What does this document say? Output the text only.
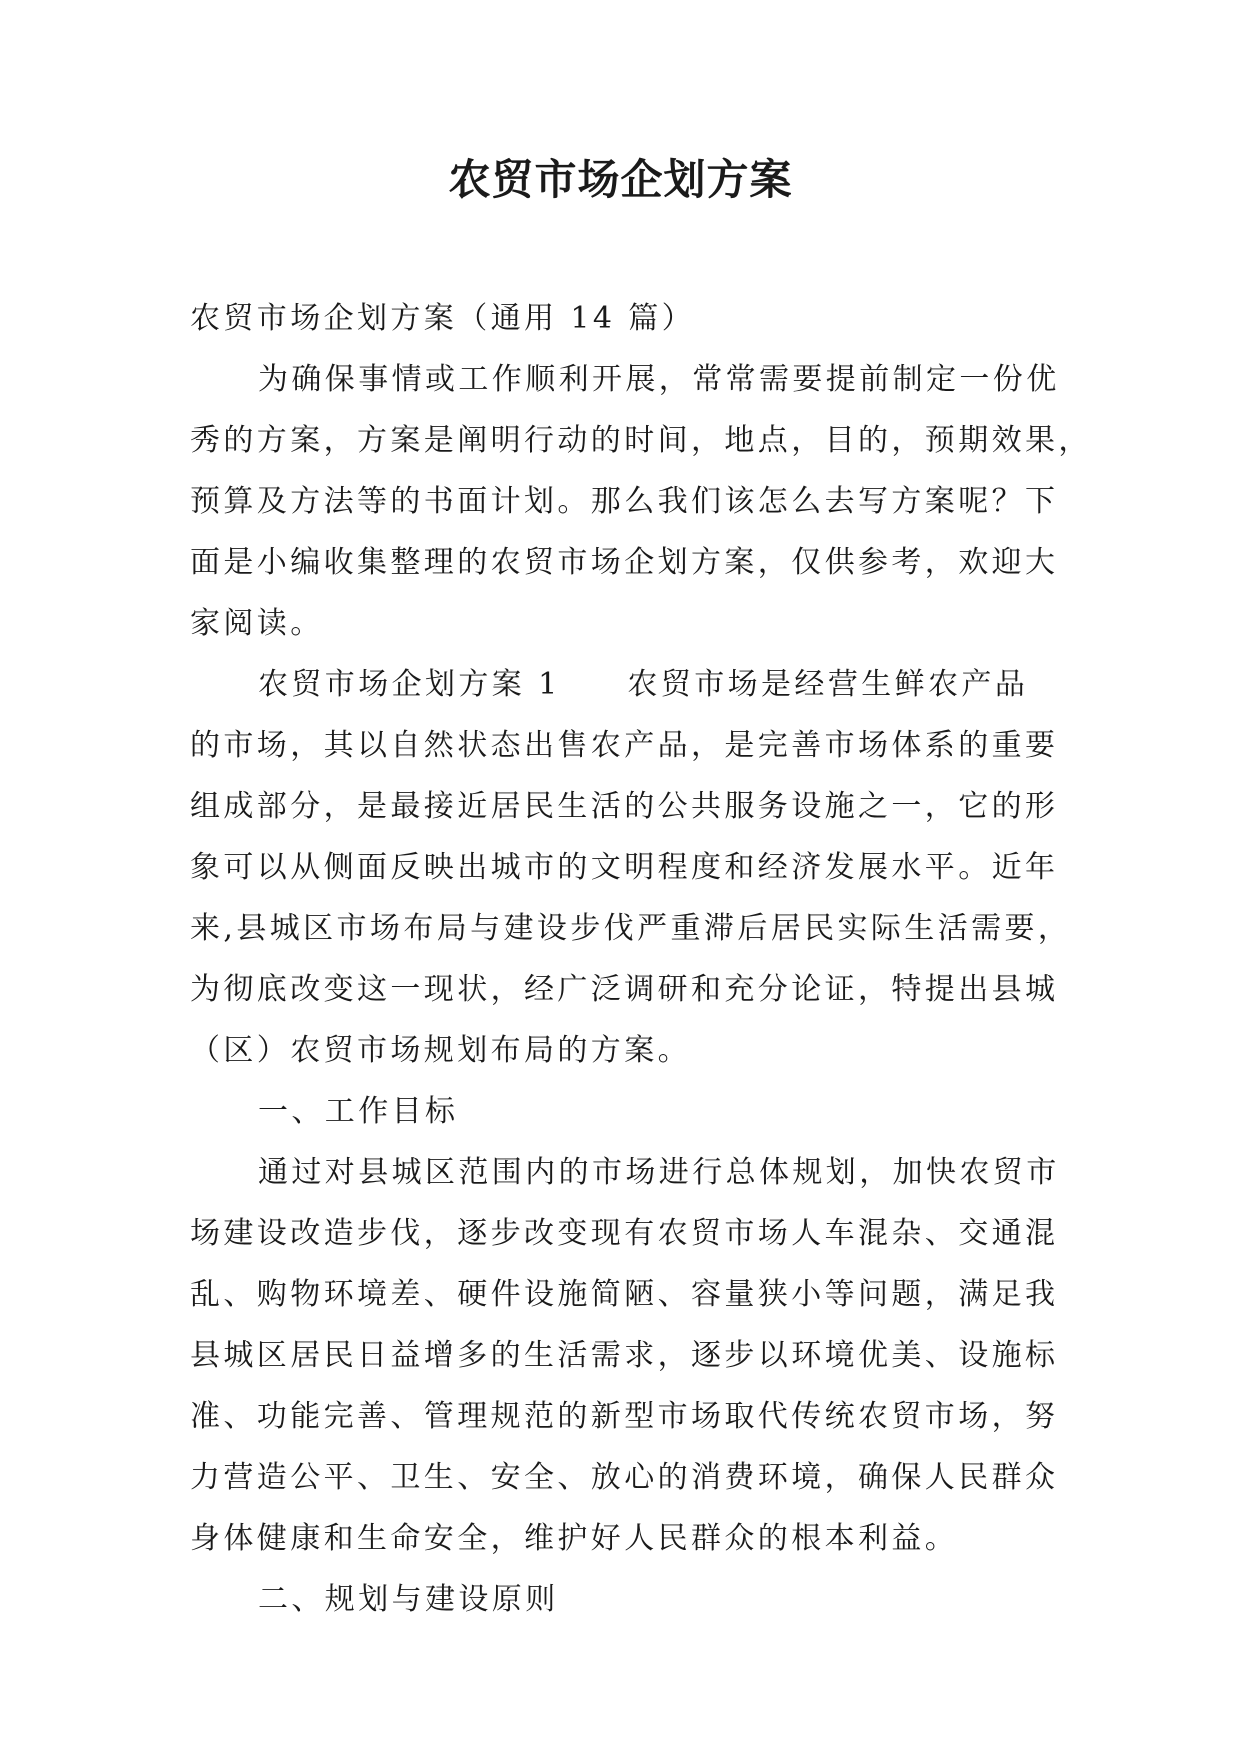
农贸市场企划方案
农贸市场企划方案（通用 14 篇）
为确保事情或工作顺利开展，常常需要提前制定一份优
秀的方案，方案是阐明行动的时间，地点，目的，预期效果，
预算及方法等的书面计划。那么我们该怎么去写方案呢？下
面是小编收集整理的农贸市场企划方案，仅供参考，欢迎大
家阅读。
农贸市场企划方案 1　　农贸市场是经营生鲜农产品
的市场，其以自然状态出售农产品，是完善市场体系的重要
组成部分，是最接近居民生活的公共服务设施之一，它的形
象可以从侧面反映出城市的文明程度和经济发展水平。近年
来,县城区市场布局与建设步伐严重滞后居民实际生活需要，
为彻底改变这一现状，经广泛调研和充分论证，特提出县城
（区）农贸市场规划布局的方案。
一、工作目标
通过对县城区范围内的市场进行总体规划，加快农贸市
场建设改造步伐，逐步改变现有农贸市场人车混杂、交通混
乱、购物环境差、硬件设施简陋、容量狭小等问题，满足我
县城区居民日益增多的生活需求，逐步以环境优美、设施标
准、功能完善、管理规范的新型市场取代传统农贸市场，努
力营造公平、卫生、安全、放心的消费环境，确保人民群众
身体健康和生命安全，维护好人民群众的根本利益。
二、规划与建设原则
